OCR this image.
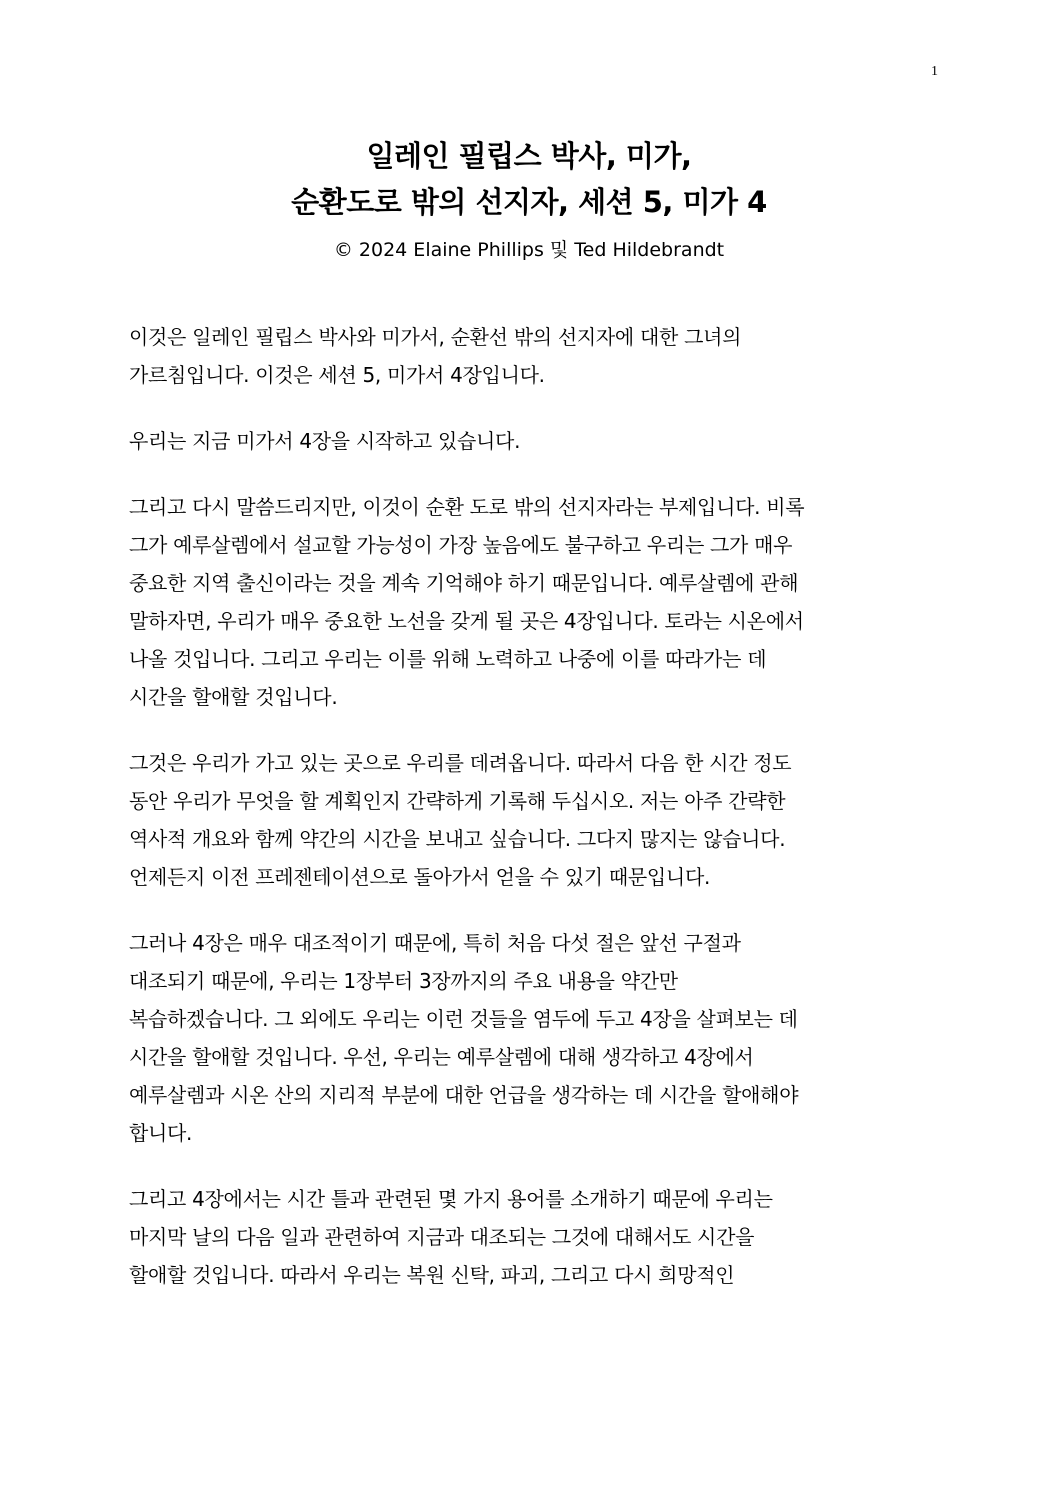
1
일레인 필립스 박사, 미가,
순환도로 밖의 선지자, 세션 5, 미가 4
© 2024 Elaine Phillips 및 Ted Hildebrandt

이것은 일레인 필립스 박사와 미가서, 순환선 밖의 선지자에 대한 그녀의
가르침입니다. 이것은 세션 5, 미가서 4장입니다.

우리는 지금 미가서 4장을 시작하고 있습니다.

그리고 다시 말씀드리지만, 이것이 순환 도로 밖의 선지자라는 부제입니다. 비록
그가 예루살렘에서 설교할 가능성이 가장 높음에도 불구하고 우리는 그가 매우
중요한 지역 출신이라는 것을 계속 기억해야 하기 때문입니다. 예루살렘에 관해
말하자면, 우리가 매우 중요한 노선을 갖게 될 곳은 4장입니다. 토라는 시온에서
나올 것입니다. 그리고 우리는 이를 위해 노력하고 나중에 이를 따라가는 데
시간을 할애할 것입니다.

그것은 우리가 가고 있는 곳으로 우리를 데려옵니다. 따라서 다음 한 시간 정도
동안 우리가 무엇을 할 계획인지 간략하게 기록해 두십시오. 저는 아주 간략한
역사적 개요와 함께 약간의 시간을 보내고 싶습니다. 그다지 많지는 않습니다.
언제든지 이전 프레젠테이션으로 돌아가서 얻을 수 있기 때문입니다.

그러나 4장은 매우 대조적이기 때문에, 특히 처음 다섯 절은 앞선 구절과
대조되기 때문에, 우리는 1장부터 3장까지의 주요 내용을 약간만
복습하겠습니다. 그 외에도 우리는 이런 것들을 염두에 두고 4장을 살펴보는 데
시간을 할애할 것입니다. 우선, 우리는 예루살렘에 대해 생각하고 4장에서
예루살렘과 시온 산의 지리적 부분에 대한 언급을 생각하는 데 시간을 할애해야
합니다.

그리고 4장에서는 시간 틀과 관련된 몇 가지 용어를 소개하기 때문에 우리는
마지막 날의 다음 일과 관련하여 지금과 대조되는 그것에 대해서도 시간을
할애할 것입니다. 따라서 우리는 복원 신탁, 파괴, 그리고 다시 희망적인
